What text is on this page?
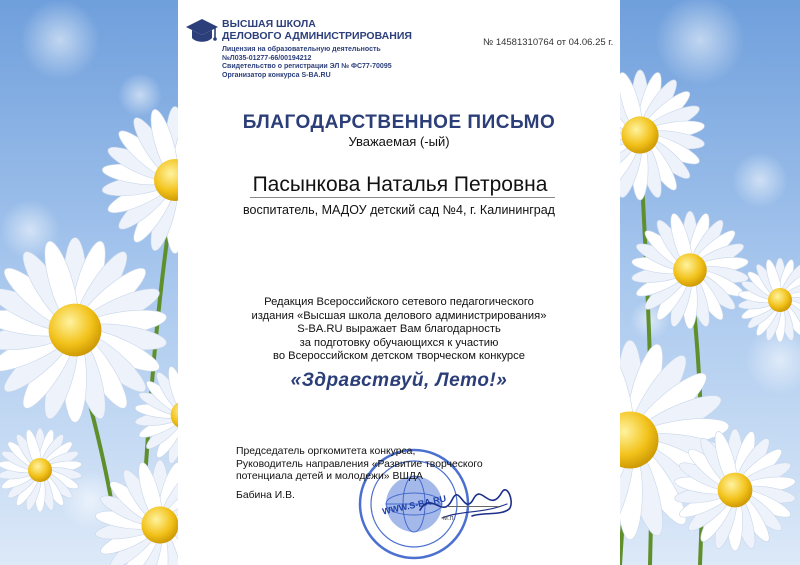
ВЫСШАЯ ШКОЛА
ДЕЛОВОГО АДМИНИСТРИРОВАНИЯ
Лицензия на образовательную деятельность
№Л035-01277-66/00194212
Свидетельство о регистрации ЭЛ № ФС77-70095
Организатор конкурса S-BA.RU
№ 14581310764 от 04.06.25 г.
БЛАГОДАРСТВЕННОЕ ПИСЬМО
Уважаемая (-ый)
Пасынкова Наталья Петровна
воспитатель, МАДОУ детский сад №4, г. Калининград
Редакция Всероссийского сетевого педагогического
издания «Высшая школа делового администрирования»
S-BA.RU выражает Вам благодарность
за подготовку обучающихся к участию
во Всероссийском детском творческом конкурсе
«Здравствуй, Лето!»
WWW.S-BA.RU
Председатель оргкомитета конкурса,
Руководитель направления «Развитие творческого
потенциала детей и молодежи» ВШДА
Бабина И.В.
м.п.
